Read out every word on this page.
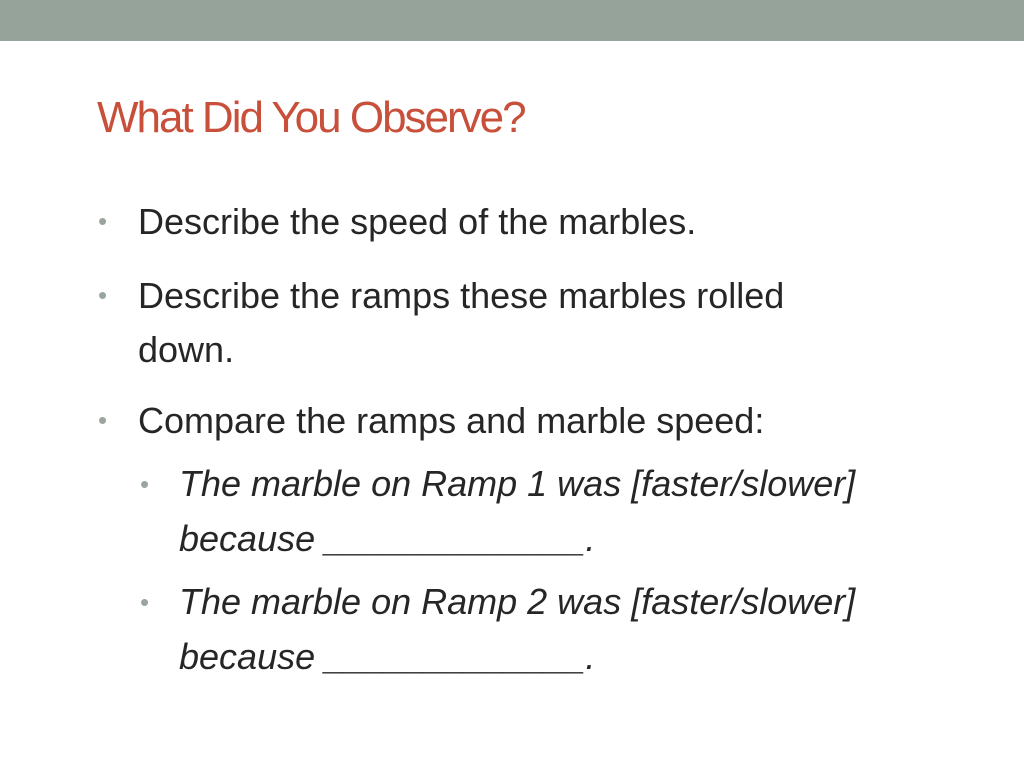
What Did You Observe?
• Describe the speed of the marbles.
• Describe the ramps these marbles rolled
down.
• Compare the ramps and marble speed:
• The marble on Ramp 1 was [faster/slower]
because _____________.
• The marble on Ramp 2 was [faster/slower]
because _____________.
